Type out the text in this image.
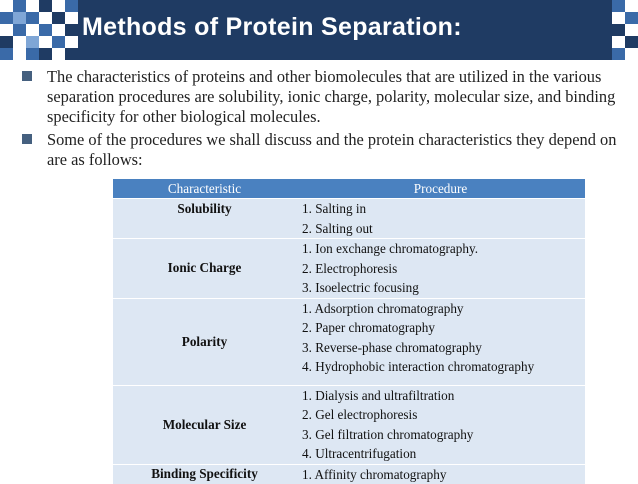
Methods of Protein Separation:
The characteristics of proteins and other biomolecules that are utilized in the various separation procedures are solubility, ionic charge, polarity, molecular size, and binding specificity for other biological molecules.
Some of the procedures we shall discuss and the protein characteristics they depend on are as follows:
Characteristic	Procedure
Solubility	1. Salting in
2. Salting out

Ionic Charge	1. Ion exchange chromatography.
2. Electrophoresis
3. Isoelectric focusing

Polarity	1. Adsorption chromatography
2. Paper chromatography
3. Reverse-phase chromatography
4. Hydrophobic interaction chromatography

Molecular Size	1. Dialysis and ultrafiltration
2. Gel electrophoresis
3. Gel filtration chromatography
4. Ultracentrifugation

Binding Specificity	1. Affinity chromatography
